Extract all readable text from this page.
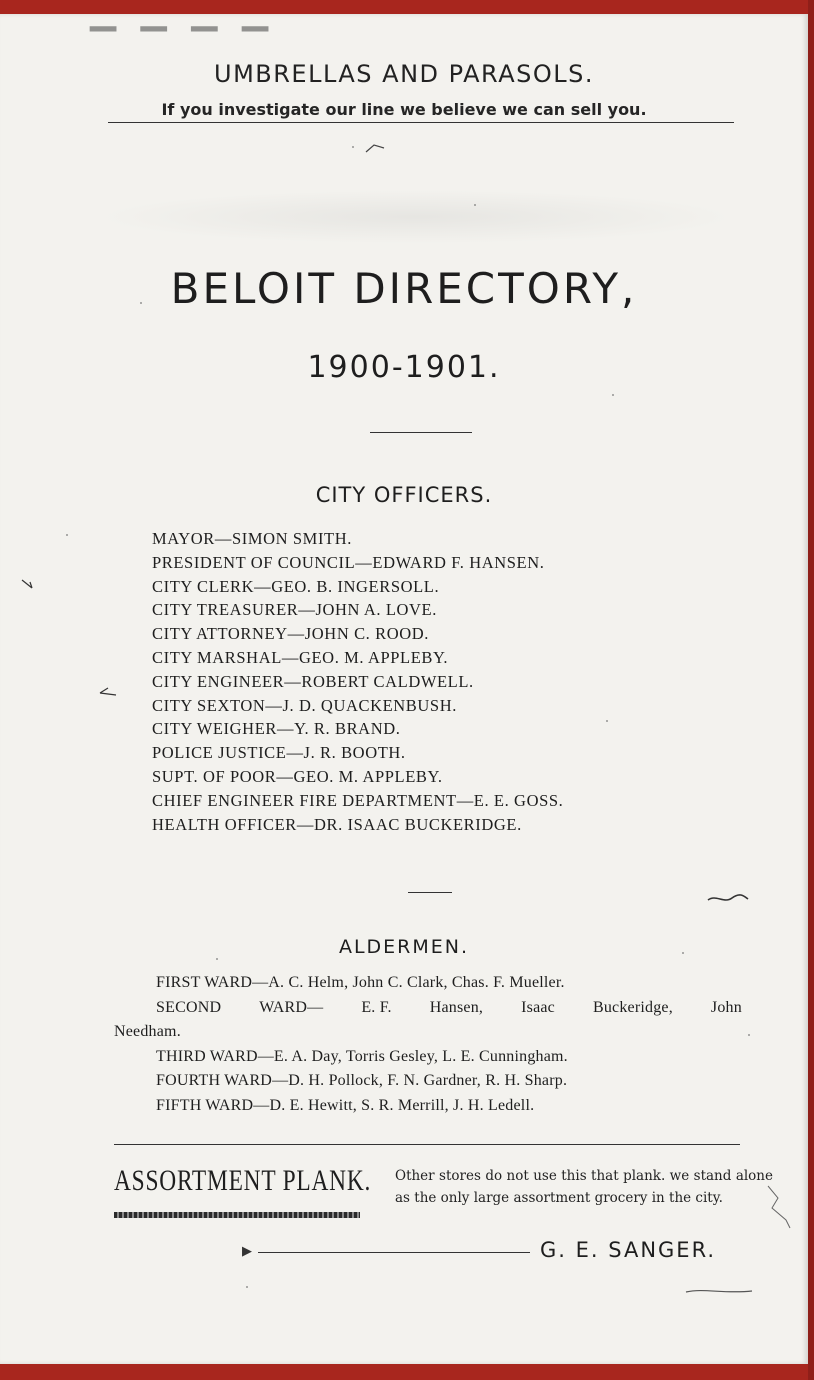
▁ ▁ ▁ ▁
UMBRELLAS AND PARASOLS.
If you investigate our line we believe we can sell you.
BELOIT DIRECTORY,
1900-1901.
CITY OFFICERS.
MAYOR—SIMON SMITH.
PRESIDENT OF COUNCIL—EDWARD F. HANSEN.
CITY CLERK—GEO. B. INGERSOLL.
CITY TREASURER—JOHN A. LOVE.
CITY ATTORNEY—JOHN C. ROOD.
CITY MARSHAL—GEO. M. APPLEBY.
CITY ENGINEER—ROBERT CALDWELL.
CITY SEXTON—J. D. QUACKENBUSH.
CITY WEIGHER—Y. R. BRAND.
POLICE JUSTICE—J. R. BOOTH.
SUPT. OF POOR—GEO. M. APPLEBY.
CHIEF ENGINEER FIRE DEPARTMENT—E. E. GOSS.
HEALTH OFFICER—DR. ISAAC BUCKERIDGE.
ALDERMEN.
FIRST WARD—A. C. Helm, John C. Clark, Chas. F. Mueller.
SECOND WARD— E. F. Hansen, Isaac Buckeridge, John
Needham.
THIRD WARD—E. A. Day, Torris Gesley, L. E. Cunningham.
FOURTH WARD—D. H. Pollock, F. N. Gardner, R. H. Sharp.
FIFTH WARD—D. E. Hewitt, S. R. Merrill, J. H. Ledell.
ASSORTMENT PLANK. Other stores do not use this that plank. we stand alone as the only large assortment grocery in the city.
▶	G. E. SANGER.
